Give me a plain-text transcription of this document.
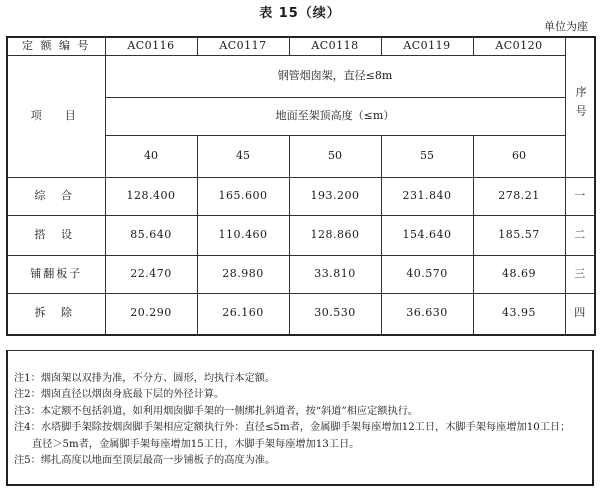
表 15（续）
单位为座
定 额 编 号	AC0116	AC0117	AC0118	AC0119	AC0120	序号
项　目	钢管烟囱架，直径≤8m					
	地面至架顶高度（≤m）					
	40	45	50	55	60	
综 合	128.400	165.600	193.200	231.840	278.21	一
搭 设	85.640	110.460	128.860	154.640	185.57	二
铺翻板子	22.470	28.980	33.810	40.570	48.69	三
拆 除	20.290	26.160	30.530	36.630	43.95	四
注1：烟囱架以双排为准，不分方、圆形，均执行本定额。
注2：烟囱直径以烟囱身底最下层的外径计算。
注3：本定额不包括斜道，如利用烟囱脚手架的一侧绑扎斜道者，按“斜道”相应定额执行。
注4：水塔脚手架除按烟囱脚手架相应定额执行外：直径≤5m者，金属脚手架每座增加12工日，木脚手架每座增加10工日；
直径＞5m者，金属脚手架每座增加15工日，木脚手架每座增加13工日。
注5：绑扎高度以地面至顶层最高一步铺板子的高度为准。
